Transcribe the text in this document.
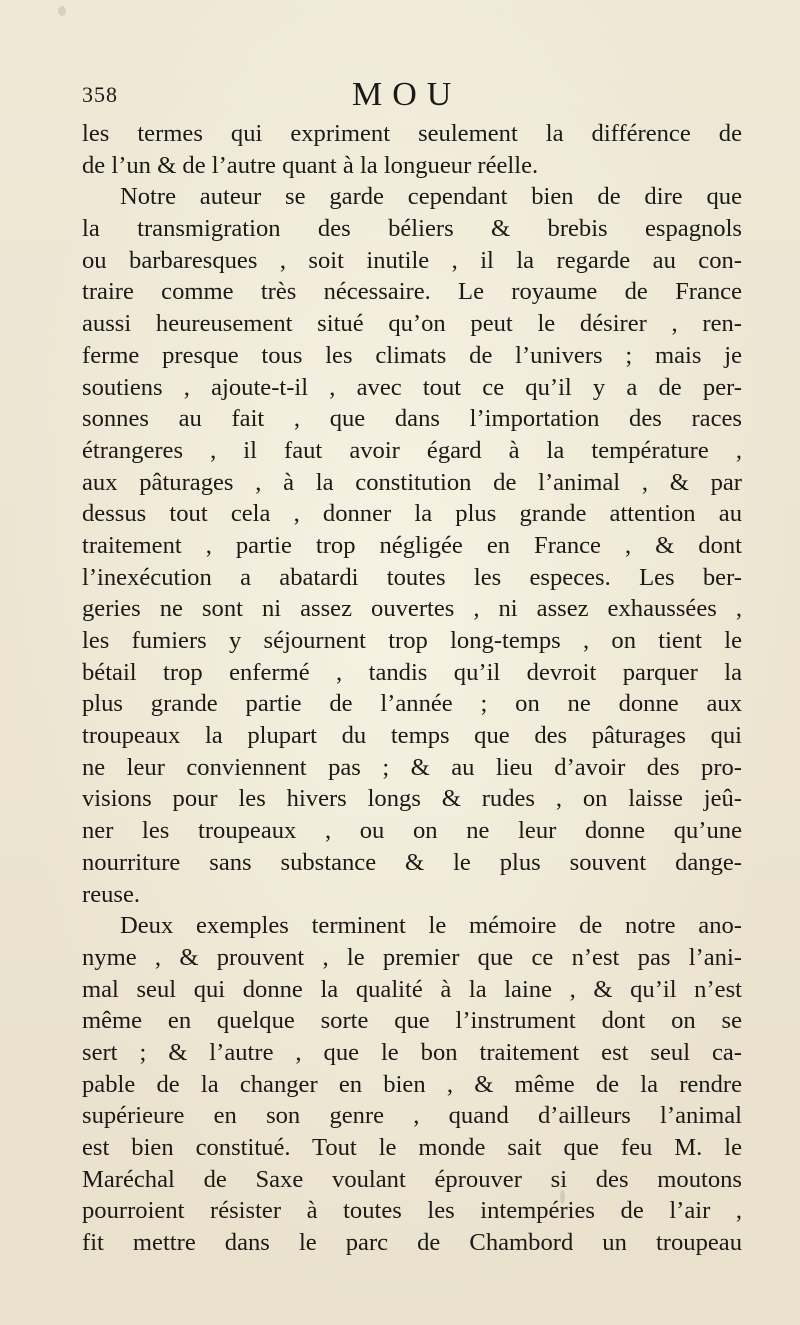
358	MOU
les termes qui expriment seulement la différence de
de l’un & de l’autre quant à la longueur réelle.
Notre auteur se garde cependant bien de dire que
la transmigration des béliers & brebis espagnols
ou barbaresques , soit inutile , il la regarde au con-
traire comme très nécessaire. Le royaume de France
aussi heureusement situé qu’on peut le désirer , ren-
ferme presque tous les climats de l’univers ; mais je
soutiens , ajoute-t-il , avec tout ce qu’il y a de per-
sonnes au fait , que dans l’importation des races
étrangeres , il faut avoir égard à la température ,
aux pâturages , à la constitution de l’animal , & par
dessus tout cela , donner la plus grande attention au
traitement , partie trop négligée en France , & dont
l’inexécution a abatardi toutes les especes. Les ber-
geries ne sont ni assez ouvertes , ni assez exhaussées ,
les fumiers y séjournent trop long-temps , on tient le
bétail trop enfermé , tandis qu’il devroit parquer la
plus grande partie de l’année ; on ne donne aux
troupeaux la plupart du temps que des pâturages qui
ne leur conviennent pas ; & au lieu d’avoir des pro-
visions pour les hivers longs & rudes , on laisse jeû-
ner les troupeaux , ou on ne leur donne qu’une
nourriture sans substance & le plus souvent dange-
reuse.
Deux exemples terminent le mémoire de notre ano-
nyme , & prouvent , le premier que ce n’est pas l’ani-
mal seul qui donne la qualité à la laine , & qu’il n’est
même en quelque sorte que l’instrument dont on se
sert ; & l’autre , que le bon traitement est seul ca-
pable de la changer en bien , & même de la rendre
supérieure en son genre , quand d’ailleurs l’animal
est bien constitué. Tout le monde sait que feu M. le
Maréchal de Saxe voulant éprouver si des moutons
pourroient résister à toutes les intempéries de l’air ,
fit mettre dans le parc de Chambord un troupeau
